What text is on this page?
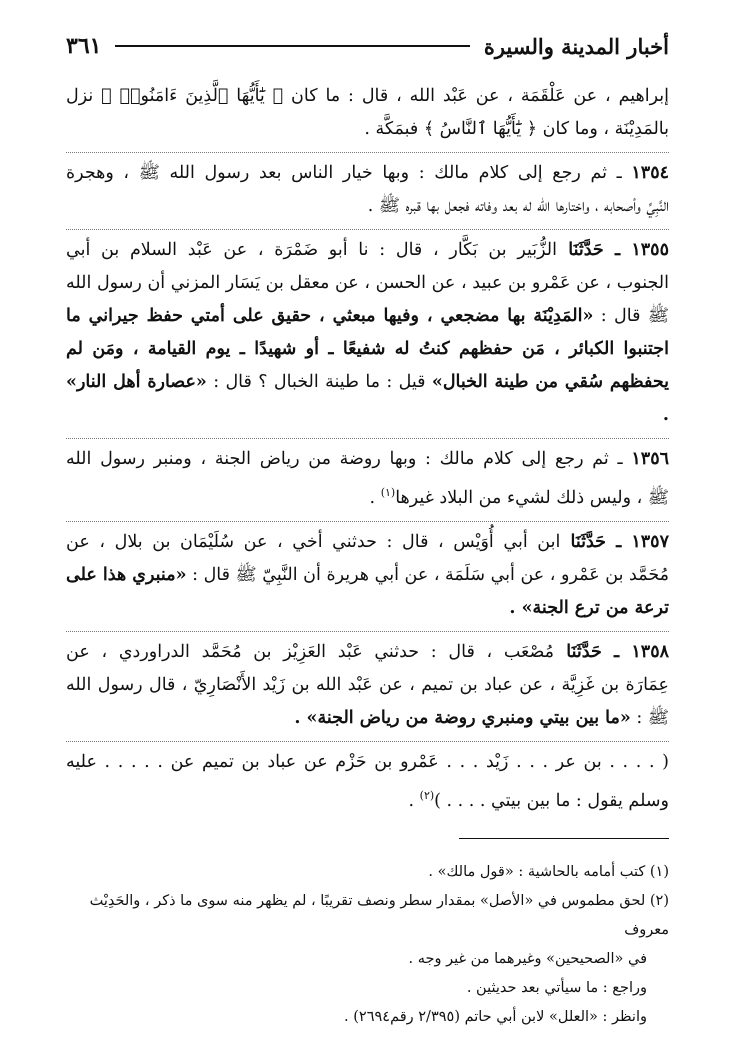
أخبار المدينة والسيرة
٣٦١

إبراهيم ، عن عَلْقَمَة ، عن عَبْد الله ، قال : ما كان ﴿ يَٰٓأَيُّهَا ٱلَّذِينَ ءَامَنُوا۟ ﴾ نزل
بالمَدِيْنَة ، وما كان ﴿ يَٰٓأَيُّهَا ٱلنَّاسُ ﴾ فبمَكَّة .

١٣٥٤ ـ ثم رجع إلى كلام مالك : وبها خيار الناس بعد رسول الله ﷺ ، وهجرة
النَّبِيِّ وأصحابه ، واختارها الله له بعد وفاته فجعل بها قبره ﷺ .

١٣٥٥ ـ حَدَّثَنَا الزُّبَير بن بَكَّار ، قال : نا أبو ضَمْرَة ، عن عَبْد السلام بن أبي
الجنوب ، عن عَمْرو بن عبيد ، عن الحسن ، عن معقل بن يَسَار المزني أن رسول الله
ﷺ قال : «المَدِيْنَة بها مضجعي ، وفيها مبعثي ، حقيق على أمتي حفظ جيراني ما
اجتنبوا الكبائر ، مَن حفظهم كنتُ له شفيعًا ـ أو شهيدًا ـ يوم القيامة ، ومَن لم
يحفظهم سُقي من طينة الخبال» قيل : ما طينة الخبال ؟ قال : «عصارة أهل النار» .

١٣٥٦ ـ ثم رجع إلى كلام مالك : وبها روضة من رياض الجنة ، ومنبر رسول الله
ﷺ ، وليس ذلك لشيء من البلاد غيرها$^{(١)}$ .

١٣٥٧ ـ حَدَّثَنَا ابن أبي أُوَيْس ، قال : حدثني أخي ، عن سُلَيْمَان بن بلال ، عن
مُحَمَّد بن عَمْرو ، عن أبي سَلَمَة ، عن أبي هريرة أن النَّبِيّ ﷺ قال : «منبري هذا على
ترعة من ترع الجنة» .

١٣٥٨ ـ حَدَّثَنَا مُصْعَب ، قال : حدثني عَبْد العَزِيْز بن مُحَمَّد الدراوردي ، عن
عِمَارَة بن غَزِيَّة ، عن عباد بن تميم ، عن عَبْد الله بن زَيْد الأَنْصَارِيّ ، قال رسول الله
ﷺ : «ما بين بيتي ومنبري روضة من رياض الجنة» .

( . . . . بن عر . . . زَيْد . . . عَمْرو بن حَزْم عن عباد بن تميم عن . . . . . عليه
وسلم يقول : ما بين بيتي . . . . )$^{(٢)}$ .

(١) كتب أمامه بالحاشية : «قول مالك» .

(٢) لحق مطموس في «الأصل» بمقدار سطر ونصف تقريبًا ، لم يظهر منه سوى ما ذكر ، والحَدِيْث معروف
في «الصحيحين» وغيرهما من غير وجه .
وراجع : ما سيأتي بعد حديثين .
وانظر : «العلل» لابن أبي حاتم (٢/٣٩٥ رقم٢٦٩٤) .
